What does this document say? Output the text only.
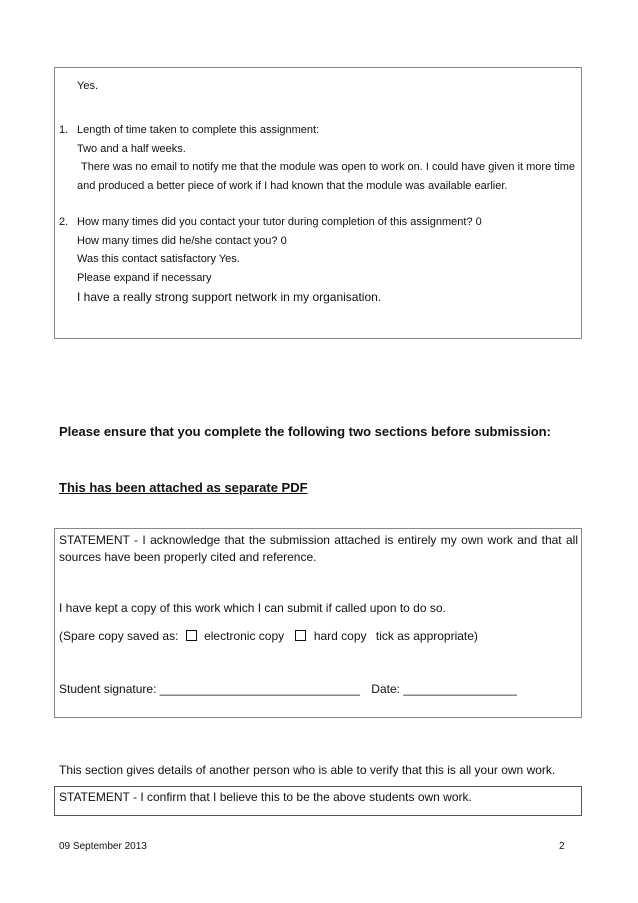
Yes.
1. Length of time taken to complete this assignment:
Two and a half weeks.
There was no email to notify me that the module was open to work on. I could have given it more time
and produced a better piece of work if I had known that the module was available earlier.
2. How many times did you contact your tutor during completion of this assignment? 0
How many times did he/she contact you? 0
Was this contact satisfactory Yes.
Please expand if necessary
I have a really strong support network in my organisation.
Please ensure that you complete the following two sections before submission:
This has been attached as separate PDF
STATEMENT - I acknowledge that the submission attached is entirely my own work and that all
sources have been properly cited and reference.
I have kept a copy of this work which I can submit if called upon to do so.
(Spare copy saved as: electronic copy hard copy tick as appropriate)
Student signature: ______________________________ Date: _________________
This section gives details of another person who is able to verify that this is all your own work.
STATEMENT - I confirm that I believe this to be the above students own work.
09 September 2013	2
